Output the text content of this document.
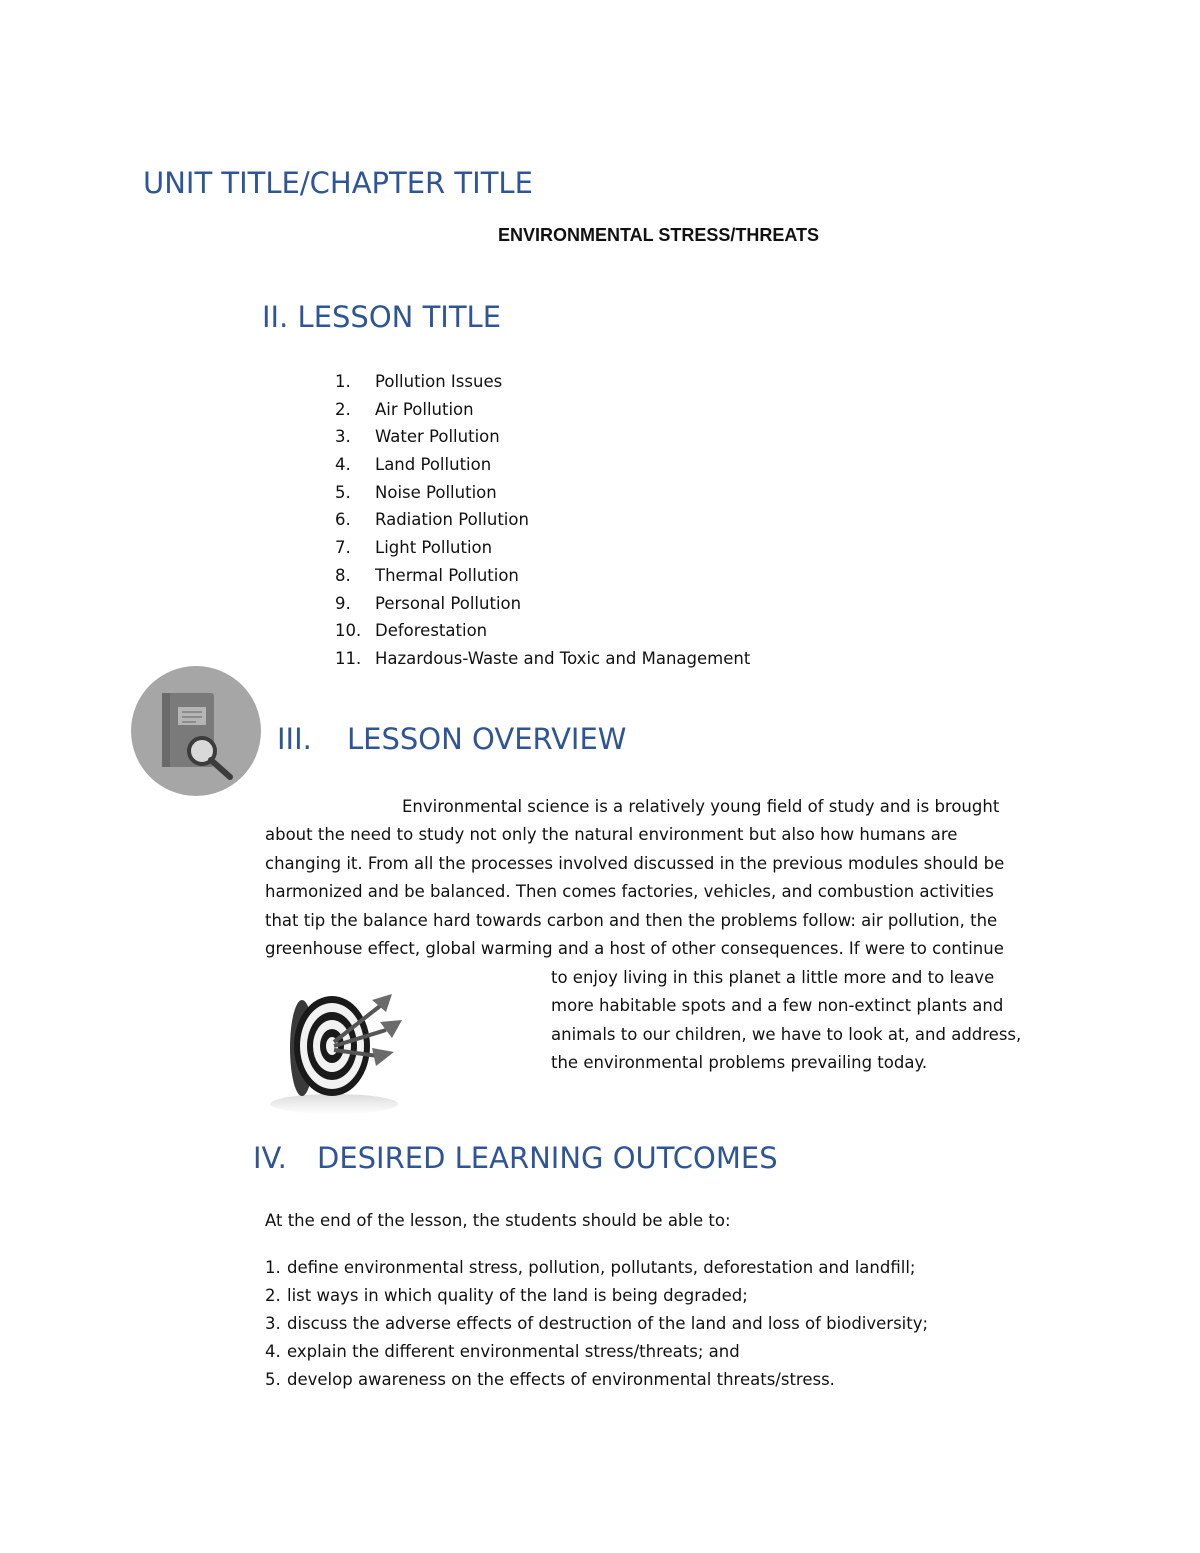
UNIT TITLE/CHAPTER TITLE
ENVIRONMENTAL STRESS/THREATS
II. LESSON TITLE
1. Pollution Issues
2. Air Pollution
3. Water Pollution
4. Land Pollution
5. Noise Pollution
6. Radiation Pollution
7. Light Pollution
8. Thermal Pollution
9. Personal Pollution
10. Deforestation
11. Hazardous-Waste and Toxic and Management
III. LESSON OVERVIEW
Environmental science is a relatively young field of study and is brought
about the need to study not only the natural environment but also how humans are
changing it. From all the processes involved discussed in the previous modules should be
harmonized and be balanced. Then comes factories, vehicles, and combustion activities
that tip the balance hard towards carbon and then the problems follow: air pollution, the
greenhouse effect, global warming and a host of other consequences. If were to continue
to enjoy living in this planet a little more and to leave
more habitable spots and a few non-extinct plants and
animals to our children, we have to look at, and address,
the environmental problems prevailing today.
IV. DESIRED LEARNING OUTCOMES
At the end of the lesson, the students should be able to:
1. define environmental stress, pollution, pollutants, deforestation and landfill;
2. list ways in which quality of the land is being degraded;
3. discuss the adverse effects of destruction of the land and loss of biodiversity;
4. explain the different environmental stress/threats; and
5. develop awareness on the effects of environmental threats/stress.
